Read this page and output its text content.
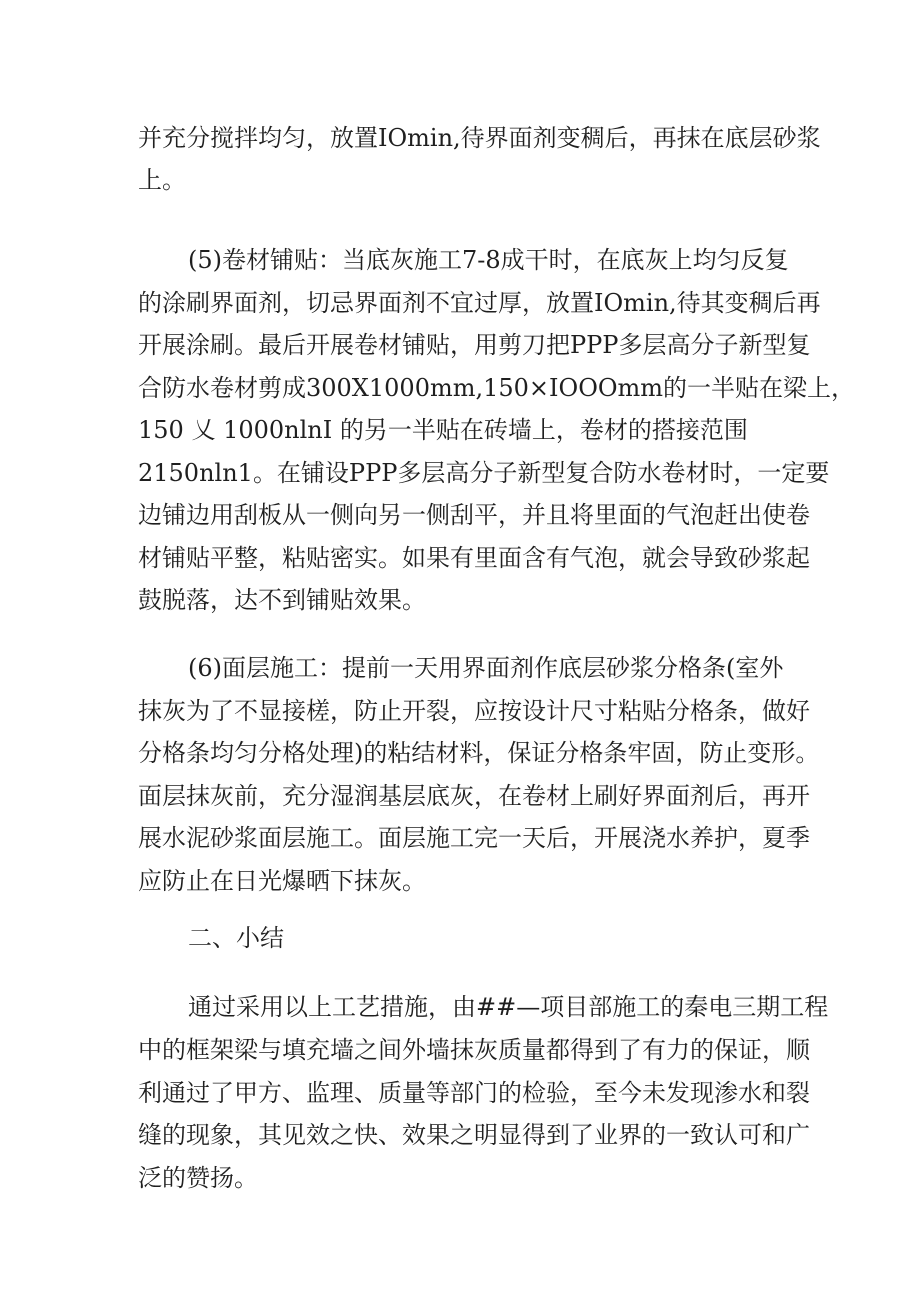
并充分搅拌均匀，放置IOmin,待界面剂变稠后，再抹在底层砂浆
上。
(5)卷材铺贴：当底灰施工7-8成干时，在底灰上均匀反复
的涂刷界面剂，切忌界面剂不宜过厚，放置IOmin,待其变稠后再
开展涂刷。最后开展卷材铺贴，用剪刀把PPP多层高分子新型复
合防水卷材剪成300X1000mm,150×IOOOmm的一半贴在梁上，
150 乂 1000nlnI 的另一半贴在砖墙上，卷材的搭接范围
2150nln1。在铺设PPP多层高分子新型复合防水卷材时，一定要
边铺边用刮板从一侧向另一侧刮平，并且将里面的气泡赶出使卷
材铺贴平整，粘贴密实。如果有里面含有气泡，就会导致砂浆起
鼓脱落，达不到铺贴效果。
(6)面层施工：提前一天用界面剂作底层砂浆分格条(室外
抹灰为了不显接槎，防止开裂，应按设计尺寸粘贴分格条，做好
分格条均匀分格处理)的粘结材料，保证分格条牢固，防止变形。
面层抹灰前，充分湿润基层底灰，在卷材上刷好界面剂后，再开
展水泥砂浆面层施工。面层施工完一天后，开展浇水养护，夏季
应防止在日光爆晒下抹灰。
二、小结
通过采用以上工艺措施，由##—项目部施工的秦电三期工程
中的框架梁与填充墙之间外墙抹灰质量都得到了有力的保证，顺
利通过了甲方、监理、质量等部门的检验，至今未发现渗水和裂
缝的现象，其见效之快、效果之明显得到了业界的一致认可和广
泛的赞扬。
